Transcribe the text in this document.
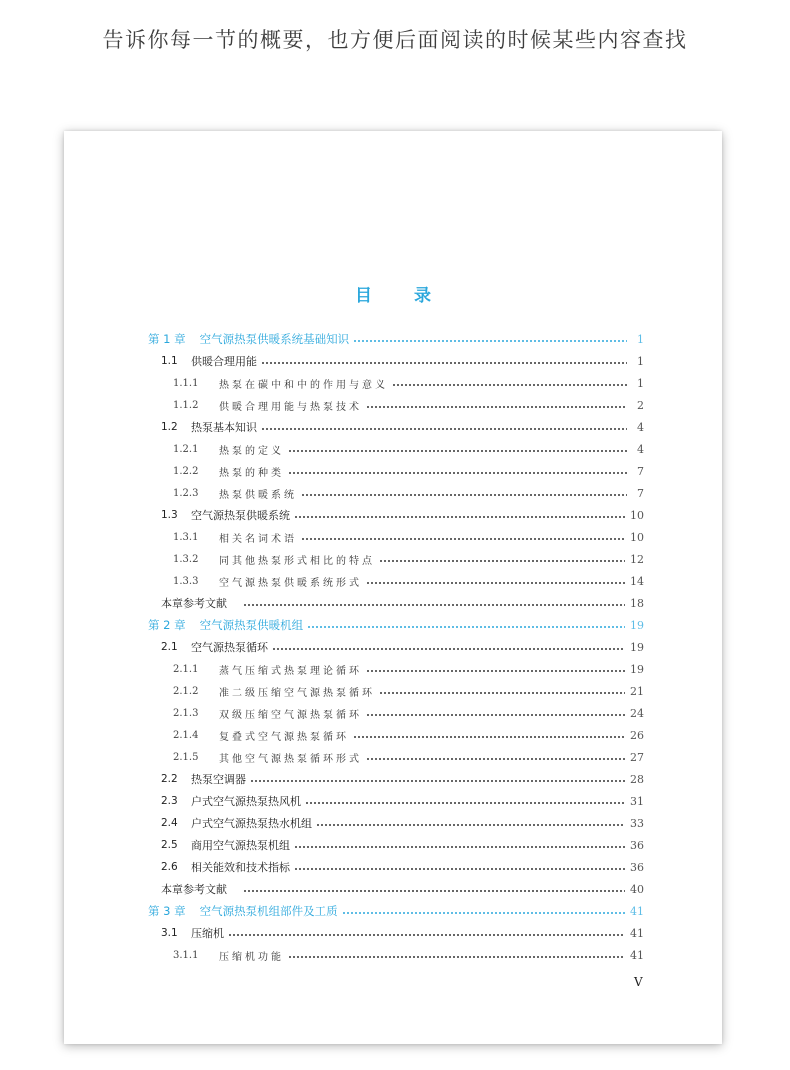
告诉你每一节的概要，也方便后面阅读的时候某些内容查找
目 录
第 1 章 空气源热泵供暖系统基础知识	1
1.1	供暖合理用能	1
1.1.1	热泵在碳中和中的作用与意义	1
1.1.2	供暖合理用能与热泵技术	2
1.2	热泵基本知识	4
1.2.1	热泵的定义	4
1.2.2	热泵的种类	7
1.2.3	热泵供暖系统	7
1.3	空气源热泵供暖系统	10
1.3.1	相关名词术语	10
1.3.2	同其他热泵形式相比的特点	12
1.3.3	空气源热泵供暖系统形式	14
本章参考文献	18
第 2 章 空气源热泵供暖机组	19
2.1	空气源热泵循环	19
2.1.1	蒸气压缩式热泵理论循环	19
2.1.2	准二级压缩空气源热泵循环	21
2.1.3	双级压缩空气源热泵循环	24
2.1.4	复叠式空气源热泵循环	26
2.1.5	其他空气源热泵循环形式	27
2.2	热泵空调器	28
2.3	户式空气源热泵热风机	31
2.4	户式空气源热泵热水机组	33
2.5	商用空气源热泵机组	36
2.6	相关能效和技术指标	36
本章参考文献	40
第 3 章 空气源热泵机组部件及工质	41
3.1	压缩机	41
3.1.1	压缩机功能	41
V
